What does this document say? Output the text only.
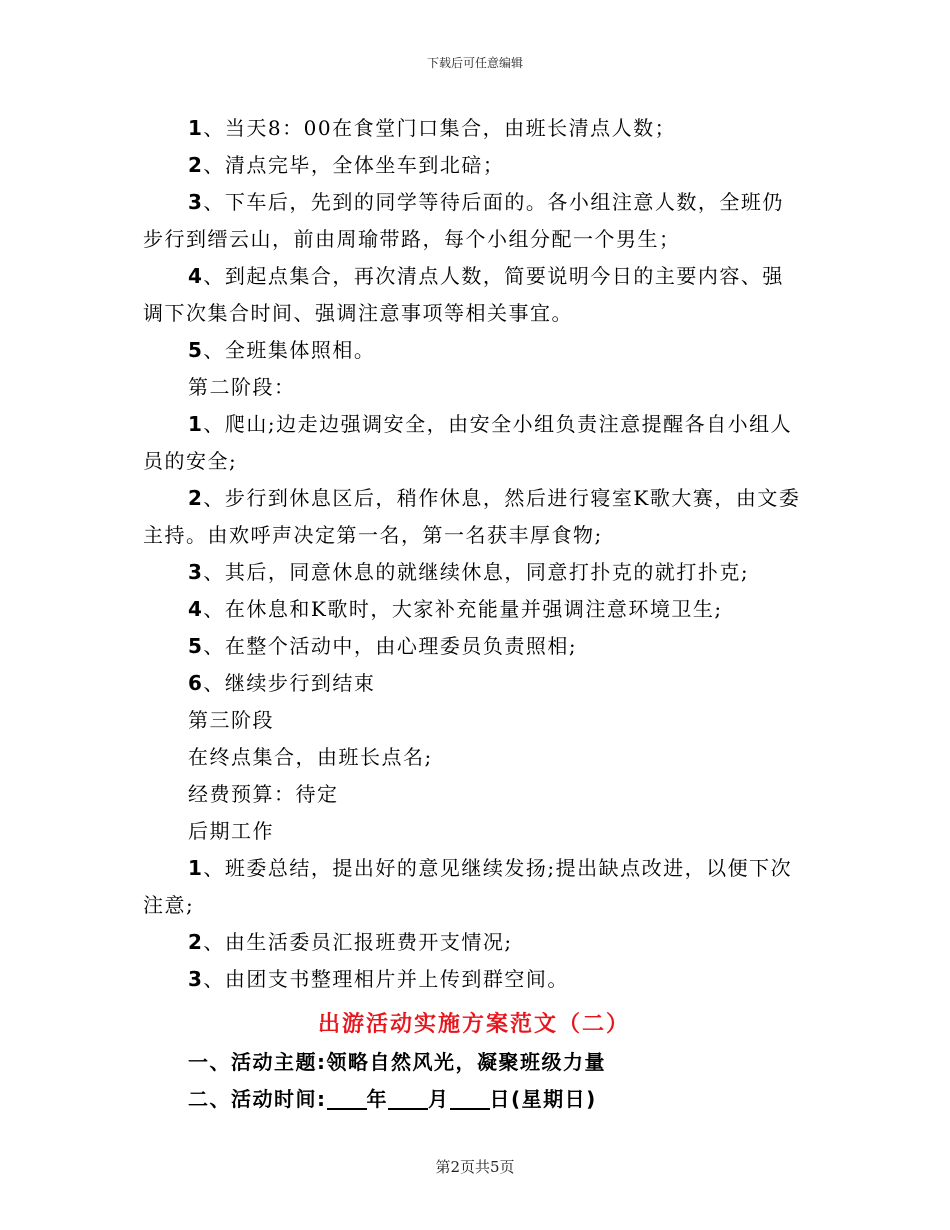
下载后可任意编辑

1、当天8：00在食堂门口集合，由班长清点人数；

2、清点完毕，全体坐车到北碚；

3、下车后，先到的同学等待后面的。各小组注意人数，全班仍步行到缙云山，前由周瑜带路，每个小组分配一个男生；

4、到起点集合，再次清点人数，简要说明今日的主要内容、强调下次集合时间、强调注意事项等相关事宜。

5、全班集体照相。

第二阶段：

1、爬山;边走边强调安全，由安全小组负责注意提醒各自小组人员的安全;

2、步行到休息区后，稍作休息，然后进行寝室K歌大赛，由文委主持。由欢呼声决定第一名，第一名获丰厚食物;

3、其后，同意休息的就继续休息，同意打扑克的就打扑克;

4、在休息和K歌时，大家补充能量并强调注意环境卫生;

5、在整个活动中，由心理委员负责照相;

6、继续步行到结束

第三阶段

在终点集合，由班长点名;

经费预算：待定

后期工作

1、班委总结，提出好的意见继续发扬;提出缺点改进，以便下次注意;

2、由生活委员汇报班费开支情况;

3、由团支书整理相片并上传到群空间。

出游活动实施方案范文（二）

一、活动主题:领略自然风光，凝聚班级力量

二、活动时间: 年 月 日(星期日)

第2页共5页
